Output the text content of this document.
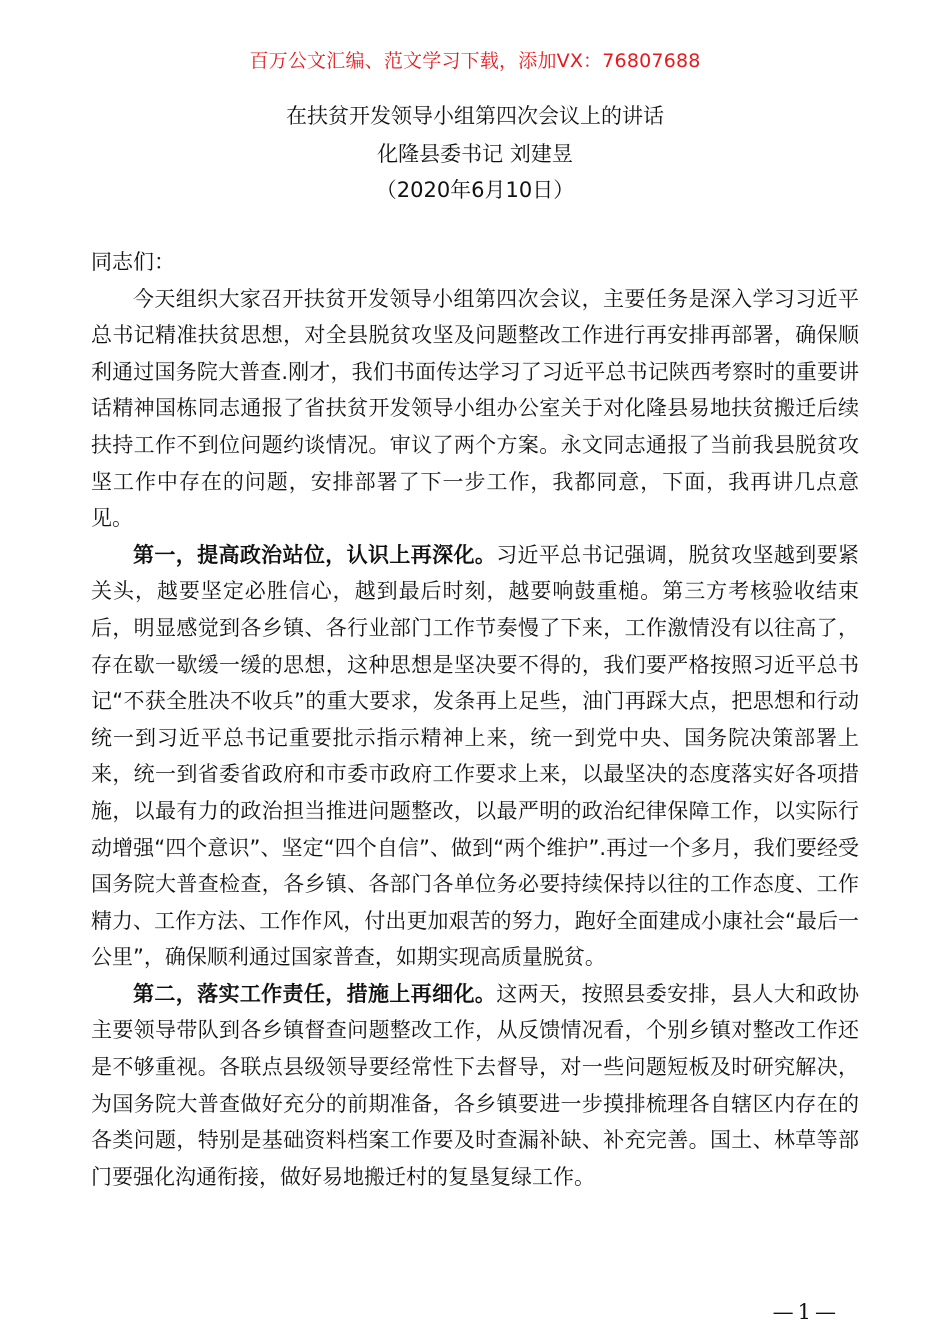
百万公文汇编、范文学习下载，添加VX：76807688
在扶贫开发领导小组第四次会议上的讲话
化隆县委书记 刘建昱
（2020年6月10日）

同志们：

今天组织大家召开扶贫开发领导小组第四次会议，主要任务是深入学习习近平总书记精准扶贫思想，对全县脱贫攻坚及问题整改工作进行再安排再部署，确保顺利通过国务院大普查.刚才，我们书面传达学习了习近平总书记陕西考察时的重要讲话精神国栋同志通报了省扶贫开发领导小组办公室关于对化隆县易地扶贫搬迁后续扶持工作不到位问题约谈情况。审议了两个方案。永文同志通报了当前我县脱贫攻坚工作中存在的问题，安排部署了下一步工作，我都同意，下面，我再讲几点意见。

第一，提高政治站位，认识上再深化。习近平总书记强调，脱贫攻坚越到要紧关头，越要坚定必胜信心，越到最后时刻，越要响鼓重槌。第三方考核验收结束后，明显感觉到各乡镇、各行业部门工作节奏慢了下来，工作激情没有以往高了，存在歇一歇缓一缓的思想，这种思想是坚决要不得的，我们要严格按照习近平总书记“不获全胜决不收兵”的重大要求，发条再上足些，油门再踩大点，把思想和行动统一到习近平总书记重要批示指示精神上来，统一到党中央、国务院决策部署上来，统一到省委省政府和市委市政府工作要求上来，以最坚决的态度落实好各项措施，以最有力的政治担当推进问题整改，以最严明的政治纪律保障工作，以实际行动增强“四个意识”、坚定“四个自信”、做到“两个维护”.再过一个多月，我们要经受国务院大普查检查，各乡镇、各部门各单位务必要持续保持以往的工作态度、工作精力、工作方法、工作作风，付出更加艰苦的努力，跑好全面建成小康社会“最后一公里”，确保顺利通过国家普查，如期实现高质量脱贫。

第二，落实工作责任，措施上再细化。这两天，按照县委安排，县人大和政协主要领导带队到各乡镇督查问题整改工作，从反馈情况看，个别乡镇对整改工作还是不够重视。各联点县级领导要经常性下去督导，对一些问题短板及时研究解决，为国务院大普查做好充分的前期准备，各乡镇要进一步摸排梳理各自辖区内存在的各类问题，特别是基础资料档案工作要及时查漏补缺、补充完善。国土、林草等部门要强化沟通衔接，做好易地搬迁村的复垦复绿工作。

—1—
